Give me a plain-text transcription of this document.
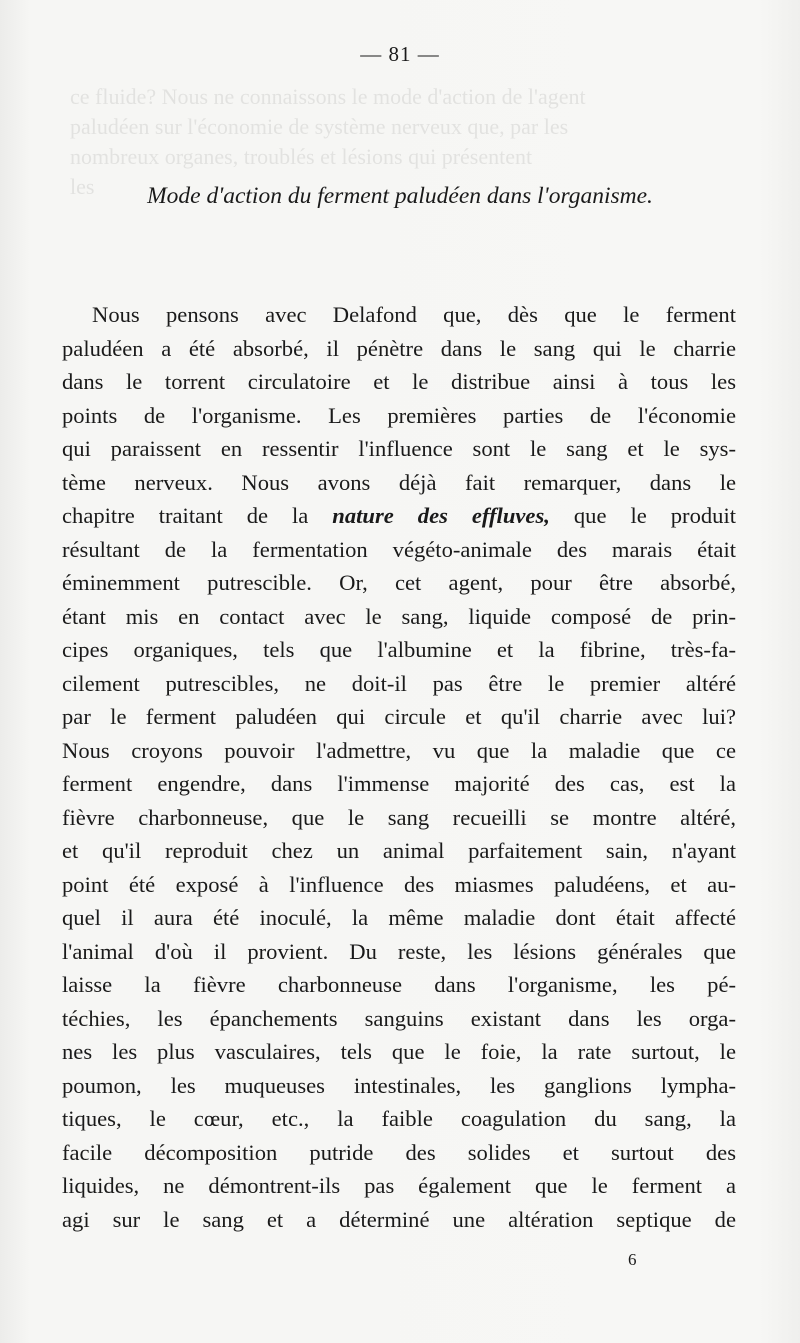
ce fluide? Nous ne connaissons le mode d'action de l'agent
paludéen sur l'économie de système nerveux que, par les
nombreux organes, troublés et lésions qui présentent
les
— 81 —
Mode d'action du ferment paludéen dans l'organisme.
Nous pensons avec Delafond que, dès que le ferment
paludéen a été absorbé, il pénètre dans le sang qui le charrie
dans le torrent circulatoire et le distribue ainsi à tous les
points de l'organisme. Les premières parties de l'économie
qui paraissent en ressentir l'influence sont le sang et le sys-
tème nerveux. Nous avons déjà fait remarquer, dans le
chapitre traitant de la nature des effluves, que le produit
résultant de la fermentation végéto-animale des marais était
éminemment putrescible. Or, cet agent, pour être absorbé,
étant mis en contact avec le sang, liquide composé de prin-
cipes organiques, tels que l'albumine et la fibrine, très-fa-
cilement putrescibles, ne doit-il pas être le premier altéré
par le ferment paludéen qui circule et qu'il charrie avec lui?
Nous croyons pouvoir l'admettre, vu que la maladie que ce
ferment engendre, dans l'immense majorité des cas, est la
fièvre charbonneuse, que le sang recueilli se montre altéré,
et qu'il reproduit chez un animal parfaitement sain, n'ayant
point été exposé à l'influence des miasmes paludéens, et au-
quel il aura été inoculé, la même maladie dont était affecté
l'animal d'où il provient. Du reste, les lésions générales que
laisse la fièvre charbonneuse dans l'organisme, les pé-
téchies, les épanchements sanguins existant dans les orga-
nes les plus vasculaires, tels que le foie, la rate surtout, le
poumon, les muqueuses intestinales, les ganglions lympha-
tiques, le cœur, etc., la faible coagulation du sang, la
facile décomposition putride des solides et surtout des
liquides, ne démontrent-ils pas également que le ferment a
agi sur le sang et a déterminé une altération septique de
6
